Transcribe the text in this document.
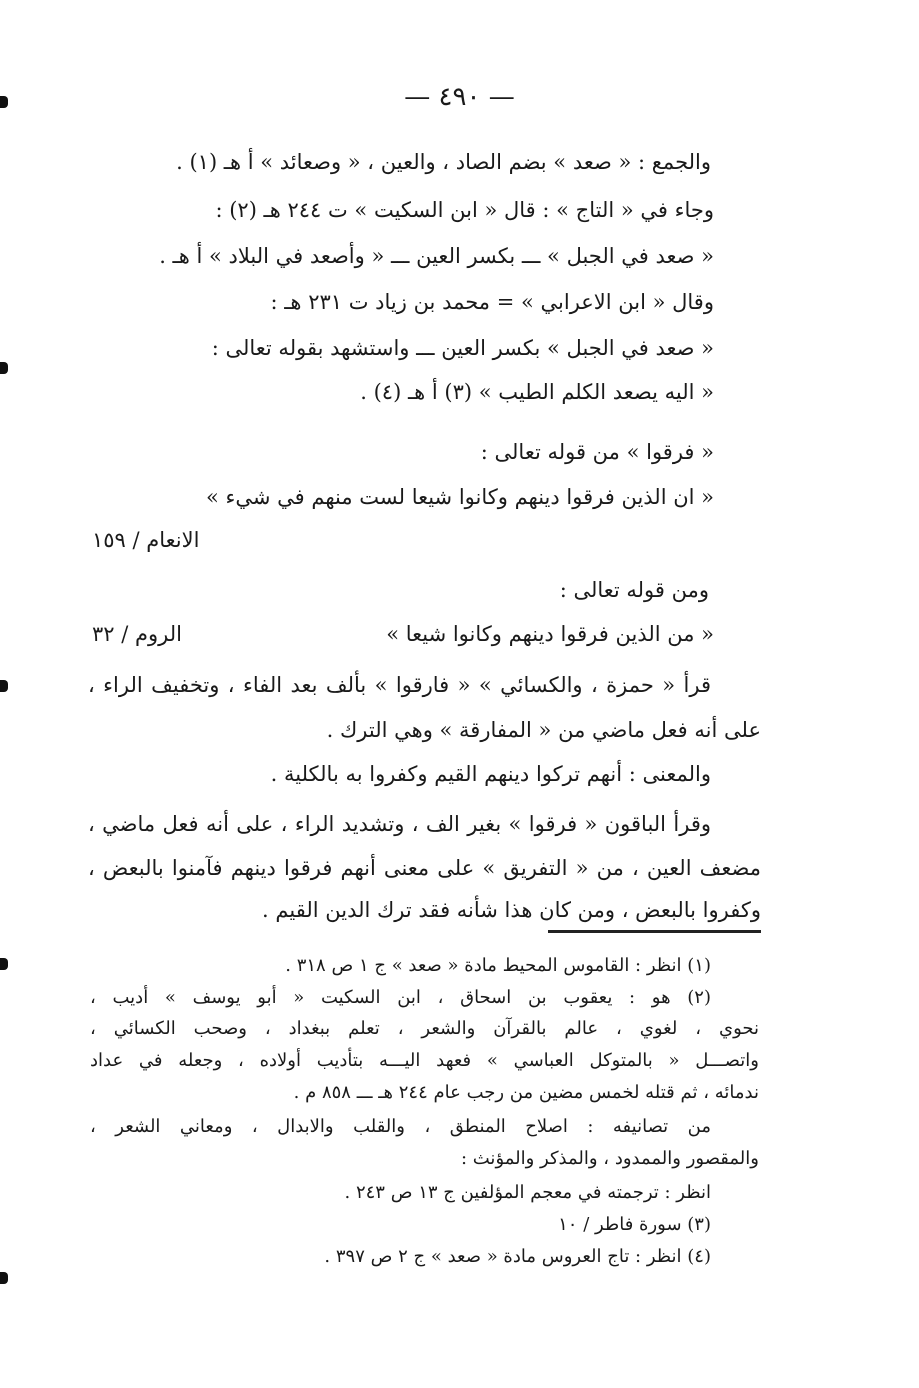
— ٤٩٠ —
والجمع : « صعد » بضم الصاد ، والعين ، « وصعائد » أ هـ (١) .
وجاء في « التاج » : قال « ابن السكيت » ت ٢٤٤ هـ (٢) :
« صعد في الجبل » ـــ بكسر العين ـــ « وأصعد في البلاد » أ هـ .
وقال « ابن الاعرابي » = محمد بن زياد ت ٢٣١ هـ :
« صعد في الجبل » بكسر العين ـــ واستشهد بقوله تعالى :
« اليه يصعد الكلم الطيب » (٣) أ هـ (٤) .
« فرقوا » من قوله تعالى :
« ان الذين فرقوا دينهم وكانوا شيعا لست منهم في شيء »
الانعام / ١٥٩
ومن قوله تعالى :
« من الذين فرقوا دينهم وكانوا شيعا »
الروم / ٣٢
قرأ « حمزة ، والكسائي » « فارقوا » بألف بعد الفاء ، وتخفيف الراء ،
على أنه فعل ماضي من « المفارقة » وهي الترك .
والمعنى : أنهم تركوا دينهم القيم وكفروا به بالكلية .
وقرأ الباقون « فرقوا » بغير الف ، وتشديد الراء ، على أنه فعل ماضي ،
مضعف العين ، من « التفريق » على معنى أنهم فرقوا دينهم فآمنوا بالبعض ،
وكفروا بالبعض ، ومن كان هذا شأنه فقد ترك الدين القيم .
(١) انظر : القاموس المحيط مادة « صعد » ج ١ ص ٣١٨ .
(٢) هو : يعقوب بن اسحاق ، ابن السكيت « أبو يوسف » أديب ،
نحوي ، لغوي ، عالم بالقرآن والشعر ، تعلم ببغداد ، وصحب الكسائي ،
واتصـــل « بالمتوكل العباسي » فعهد اليـــه بتأديب أولاده ، وجعله في عداد
ندمائه ، ثم قتله لخمس مضين من رجب عام ٢٤٤ هـ ـــ ٨٥٨ م .
من تصانيفه : اصلاح المنطق ، والقلب والابدال ، ومعاني الشعر ،
والمقصور والممدود ، والمذكر والمؤنث :
انظر : ترجمته في معجم المؤلفين ج ١٣ ص ٢٤٣ .
(٣) سورة فاطر / ١٠
(٤) انظر : تاج العروس مادة « صعد » ج ٢ ص ٣٩٧ .
